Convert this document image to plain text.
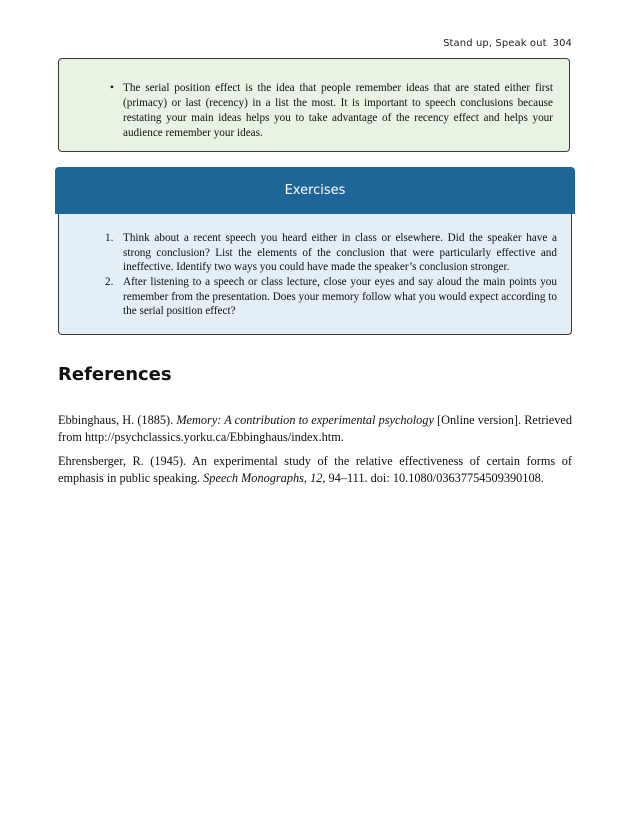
Stand up, Speak out 304
• The serial position effect is the idea that people remember ideas that are stated either first (primacy) or last (recency) in a list the most. It is important to speech conclusions because restating your main ideas helps you to take advantage of the recency effect and helps your audience remember your ideas.
Exercises
1. Think about a recent speech you heard either in class or elsewhere. Did the speaker have a strong conclusion? List the elements of the conclusion that were particularly effective and ineffective. Identify two ways you could have made the speaker’s conclusion stronger.
2. After listening to a speech or class lecture, close your eyes and say aloud the main points you remember from the presentation. Does your memory follow what you would expect according to the serial position effect?
References

Ebbinghaus, H. (1885). Memory: A contribution to experimental psychology [Online version]. Retrieved from http://psychclassics.yorku.ca/Ebbinghaus/index.htm.

Ehrensberger, R. (1945). An experimental study of the relative effectiveness of certain forms of emphasis in public speaking. Speech Monographs, 12, 94–111. doi: 10.1080/03637754509390108.
